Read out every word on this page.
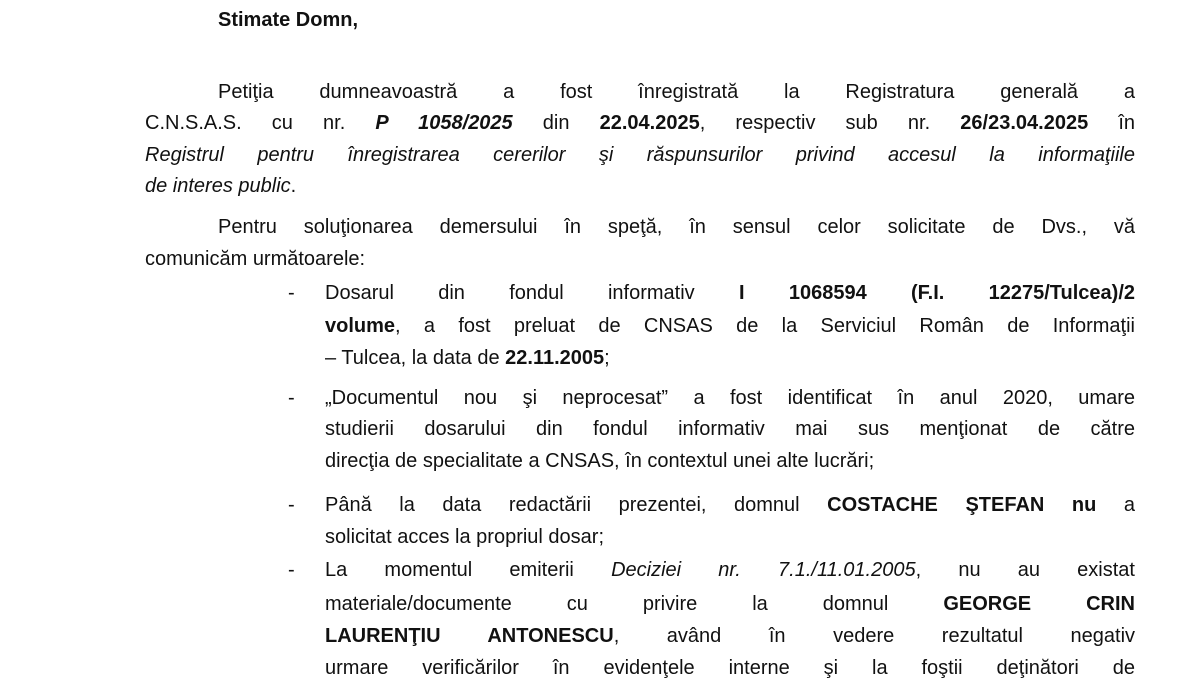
Stimate Domn,
Petiţia dumneavoastră a fost înregistrată la Registratura generală a
C.N.S.A.S. cu nr. P 1058/2025 din 22.04.2025, respectiv sub nr. 26/23.04.2025 în
Registrul pentru înregistrarea cererilor şi răspunsurilor privind accesul la informaţiile
de interes public.
Pentru soluţionarea demersului în speţă, în sensul celor solicitate de Dvs., vă
comunicăm următoarele:
Dosarul din fondul informativ I 1068594 (F.I. 12275/Tulcea)/2
-
volume, a fost preluat de CNSAS de la Serviciul Român de Informaţii
– Tulcea, la data de 22.11.2005;
„Documentul nou şi neprocesat” a fost identificat în anul 2020, umare
-
studierii dosarului din fondul informativ mai sus menţionat de către
direcţia de specialitate a CNSAS, în contextul unei alte lucrări;
Până la data redactării prezentei, domnul COSTACHE ŞTEFAN nu a
-
solicitat acces la propriul dosar;
La momentul emiterii Deciziei nr. 7.1./11.01.2005, nu au existat
-
materiale/documente cu privire la domnul GEORGE CRIN
LAURENŢIU ANTONESCU, având în vedere rezultatul negativ
urmare verificărilor în evidenţele interne şi la foştii deţinători de
